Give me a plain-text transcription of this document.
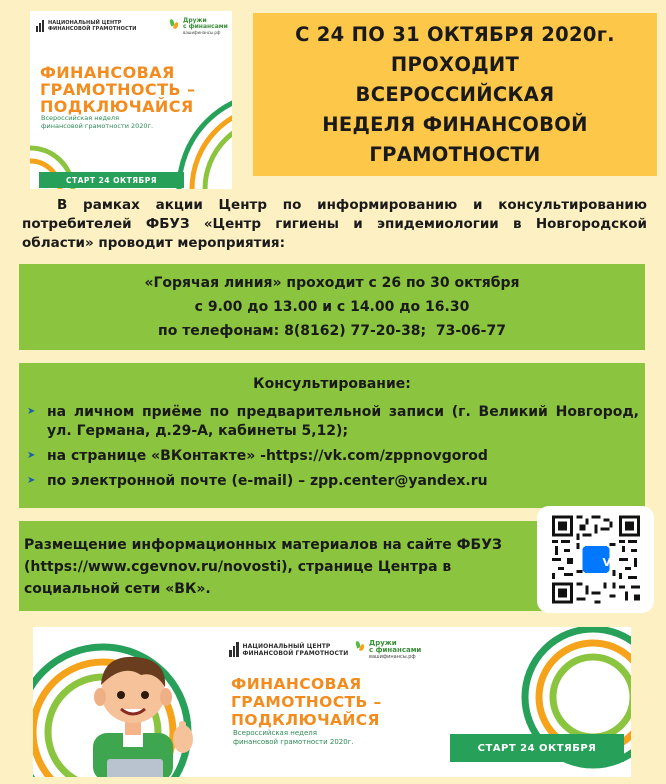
НАЦИОНАЛЬНЫЙ ЦЕНТР
ФИНАНСОВОЙ ГРАМОТНОСТИ
Дружи
с финансами
вашифинансы.рф
ФИНАНСОВАЯ
ГРАМОТНОСТЬ –
ПОДКЛЮЧАЙСЯ
Всероссийская неделя
финансовой грамотности 2020г.
СТАРТ 24 ОКТЯБРЯ
С 24 ПО 31 ОКТЯБРЯ 2020г.
ПРОХОДИТ
ВСЕРОССИЙСКАЯ
НЕДЕЛЯ ФИНАНСОВОЙ
ГРАМОТНОСТИ

В рамках акции Центр по информированию и консультированию потребителей ФБУЗ «Центр гигиены и эпидемиологии в Новгородской области» проводит мероприятия:

«Горячая линия» проходит с 26 по 30 октября
с 9.00 до 13.00 и с 14.00 до 16.30
по телефонам: 8(8162) 77-20-38;  73-06-77
Консультирование:
➤ на личном приёме по предварительной записи (г. Великий Новгород, ул. Германа, д.29-А, кабинеты 5,12);
➤ на странице «ВКонтакте» -https://vk.com/zppnovgorod
➤ по электронной почте (e-mail) – zpp.center@yandex.ru

Размещение информационных материалов на сайте ФБУЗ (https://www.cgevnov.ru/novosti), странице Центра в социальной сети «ВК».

VK
НАЦИОНАЛЬНЫЙ ЦЕНТР
ФИНАНСОВОЙ ГРАМОТНОСТИ
Дружи
с финансами
вашифинансы.рф
ФИНАНСОВАЯ
ГРАМОТНОСТЬ –
ПОДКЛЮЧАЙСЯ
Всероссийская неделя
финансовой грамотности 2020г.
СТАРТ 24 ОКТЯБРЯ
